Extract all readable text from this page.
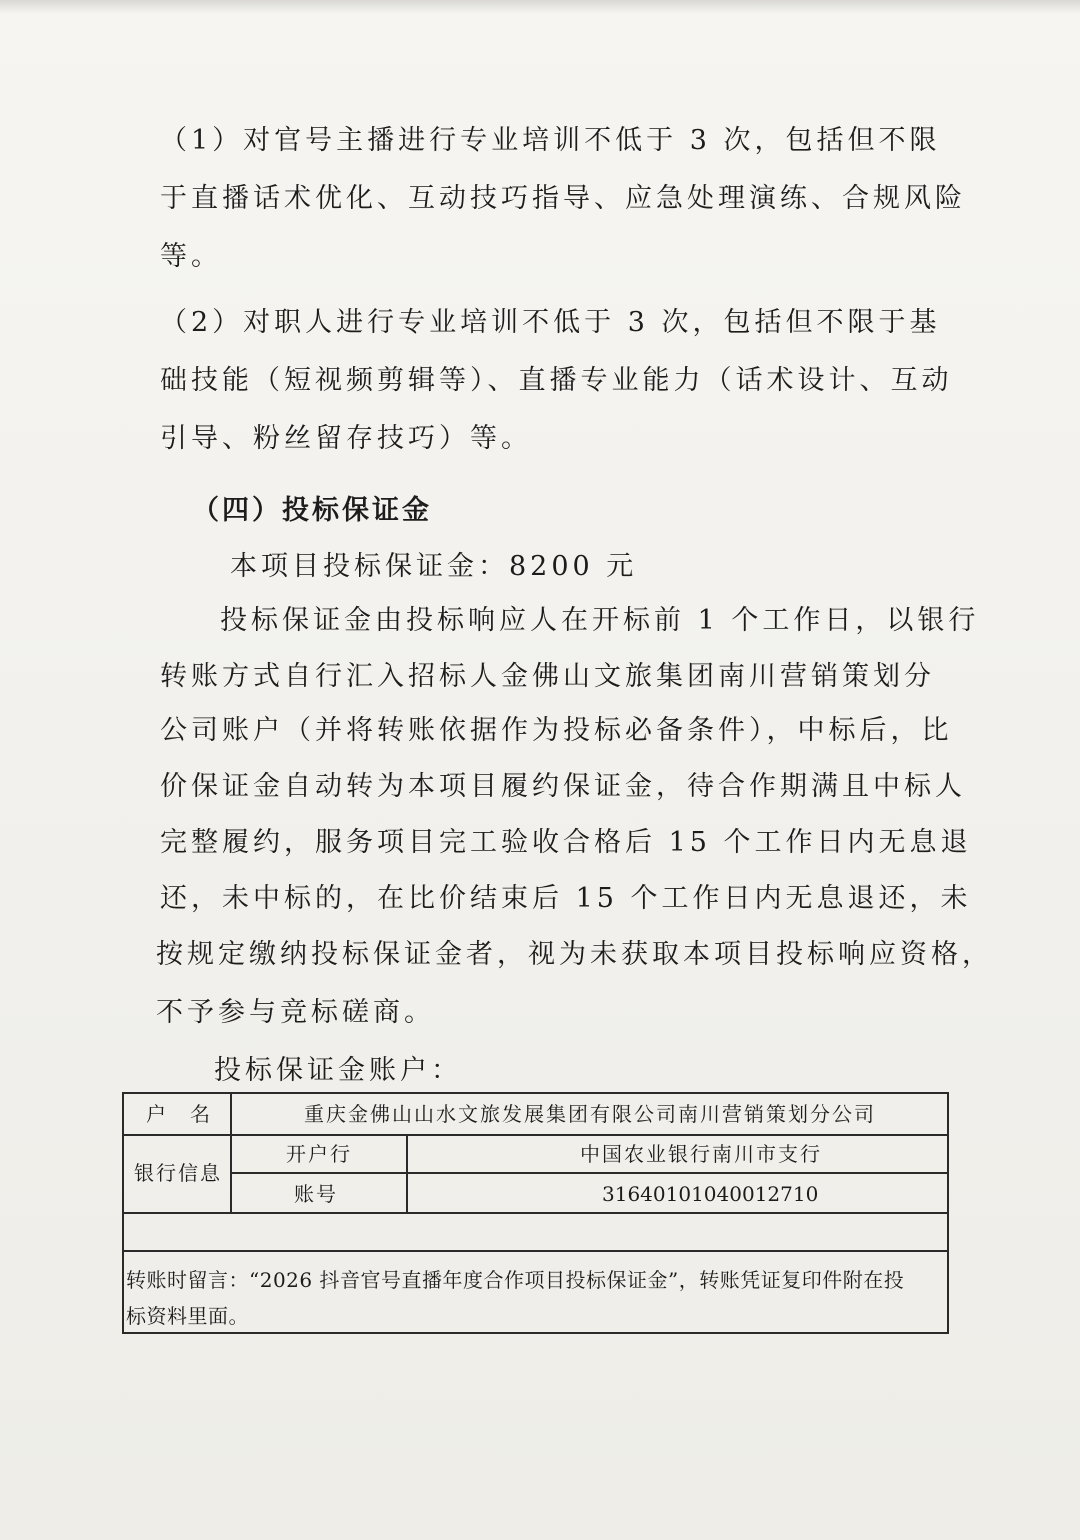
（1）对官号主播进行专业培训不低于 3 次，包括但不限
于直播话术优化、互动技巧指导、应急处理演练、合规风险
等。
（2）对职人进行专业培训不低于 3 次，包括但不限于基
础技能（短视频剪辑等）、直播专业能力（话术设计、互动
引导、粉丝留存技巧）等。
（四）投标保证金
本项目投标保证金：8200 元
投标保证金由投标响应人在开标前 1 个工作日，以银行
转账方式自行汇入招标人金佛山文旅集团南川营销策划分
公司账户（并将转账依据作为投标必备条件），中标后，比
价保证金自动转为本项目履约保证金，待合作期满且中标人
完整履约，服务项目完工验收合格后 15 个工作日内无息退
还，未中标的，在比价结束后 15 个工作日内无息退还，未
按规定缴纳投标保证金者，视为未获取本项目投标响应资格，
不予参与竞标磋商。
投标保证金账户：
户　名	重庆金佛山山水文旅发展集团有限公司南川营销策划分公司
银行信息
开户行	中国农业银行南川市支行
账号	31640101040012710
转账时留言：“2026 抖音官号直播年度合作项目投标保证金”，转账凭证复印件附在投
标资料里面。
